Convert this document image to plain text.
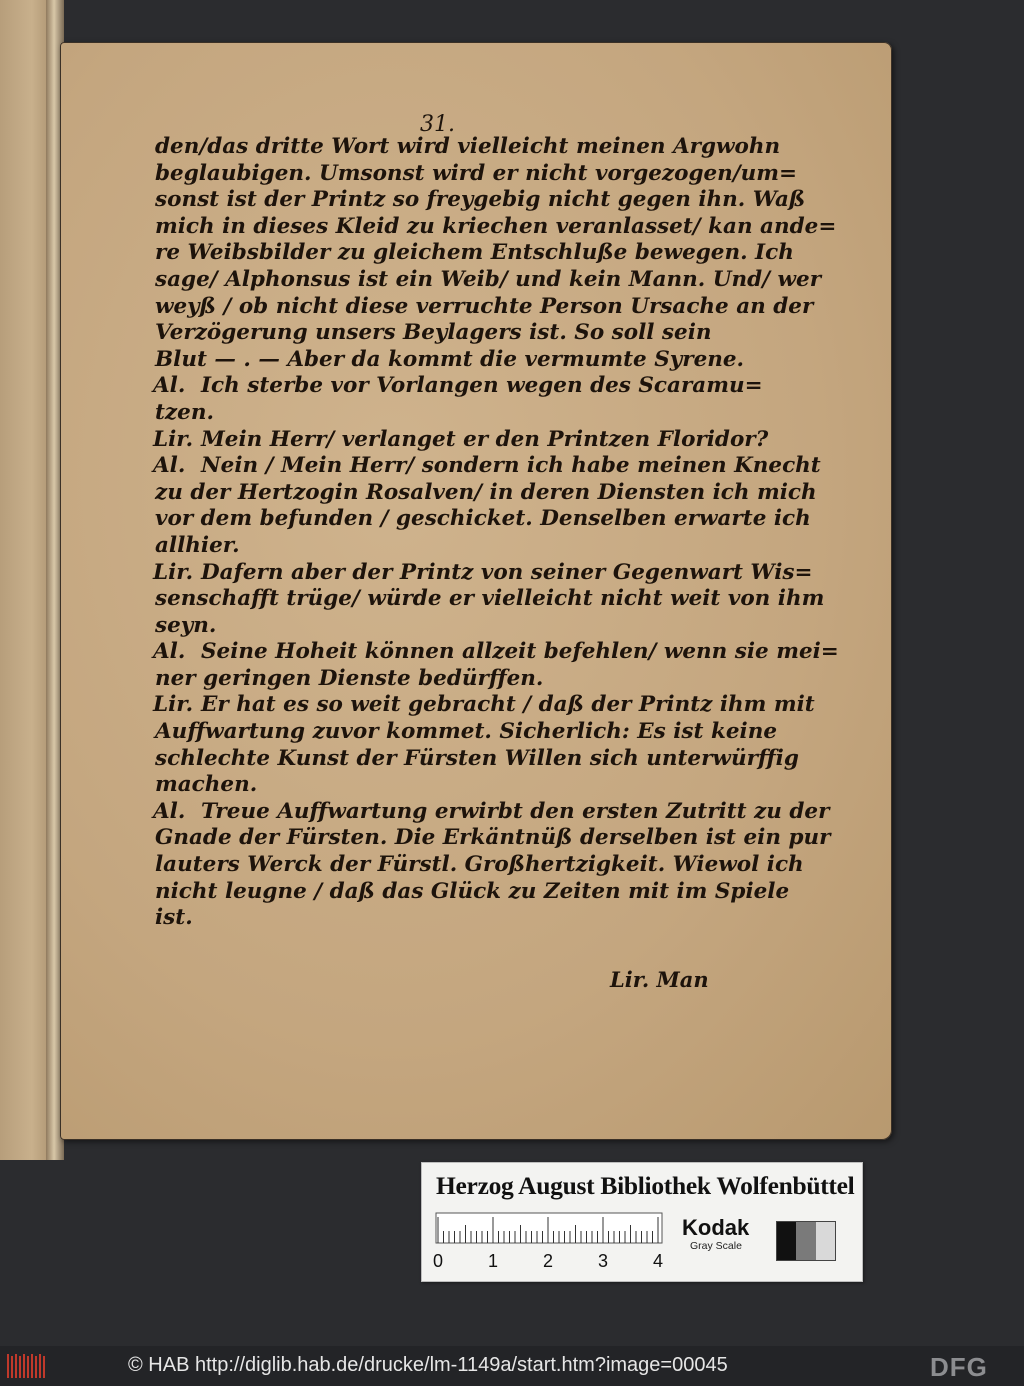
31.
den/das dritte Wort wird vielleicht meinen Argwohn
beglaubigen. Umsonst wird er nicht vorgezogen/um=
sonst ist der Printz so freygebig nicht gegen ihn. Waß
mich in dieses Kleid zu kriechen veranlasset/ kan ande=
re Weibsbilder zu gleichem Entschluße bewegen. Ich
sage/ Alphonsus ist ein Weib/ und kein Mann. Und/ wer
weyß / ob nicht diese verruchte Person Ursache an der
Verzögerung unsers Beylagers ist. So soll sein
Blut — . — Aber da kommt die vermumte Syrene.
Al. Ich sterbe vor Vorlangen wegen des Scaramu=
tzen.
Lir. Mein Herr/ verlanget er den Printzen Floridor?
Al. Nein / Mein Herr/ sondern ich habe meinen Knecht
zu der Hertzogin Rosalven/ in deren Diensten ich mich
vor dem befunden / geschicket. Denselben erwarte ich
allhier.
Lir. Dafern aber der Printz von seiner Gegenwart Wis=
senschafft trüge/ würde er vielleicht nicht weit von ihm
seyn.
Al. Seine Hoheit können allzeit befehlen/ wenn sie mei=
ner geringen Dienste bedürffen.
Lir. Er hat es so weit gebracht / daß der Printz ihm mit
Auffwartung zuvor kommet. Sicherlich: Es ist keine
schlechte Kunst der Fürsten Willen sich unterwürffig
machen.
Al. Treue Auffwartung erwirbt den ersten Zutritt zu der
Gnade der Fürsten. Die Erkäntnüß derselben ist ein pur
lauters Werck der Fürstl. Großhertzigkeit. Wiewol ich
nicht leugne / daß das Glück zu Zeiten mit im Spiele
ist.
Lir. Man
Herzog August Bibliothek Wolfenbüttel
0 1 2 3 4
Kodak
Gray Scale
© HAB http://diglib.hab.de/drucke/lm-1149a/start.htm?image=00045	DFG
